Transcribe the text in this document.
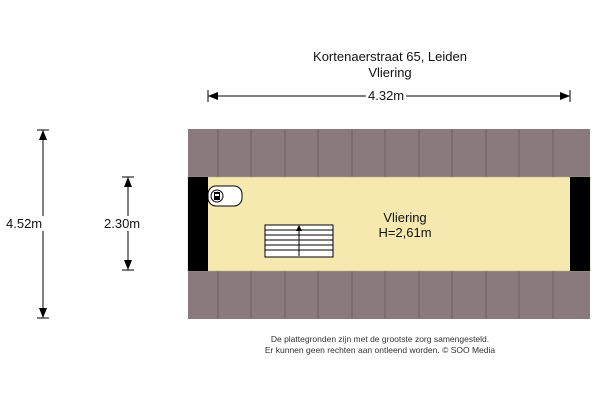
Kortenaerstraat 65, Leiden
Vliering
4.32m
4.52m	2.30m	Vliering
H=2,61m
De plattegronden zijn met de grootste zorg samengesteld.
Er kunnen geen rechten aan ontleend worden. © SOO Media
